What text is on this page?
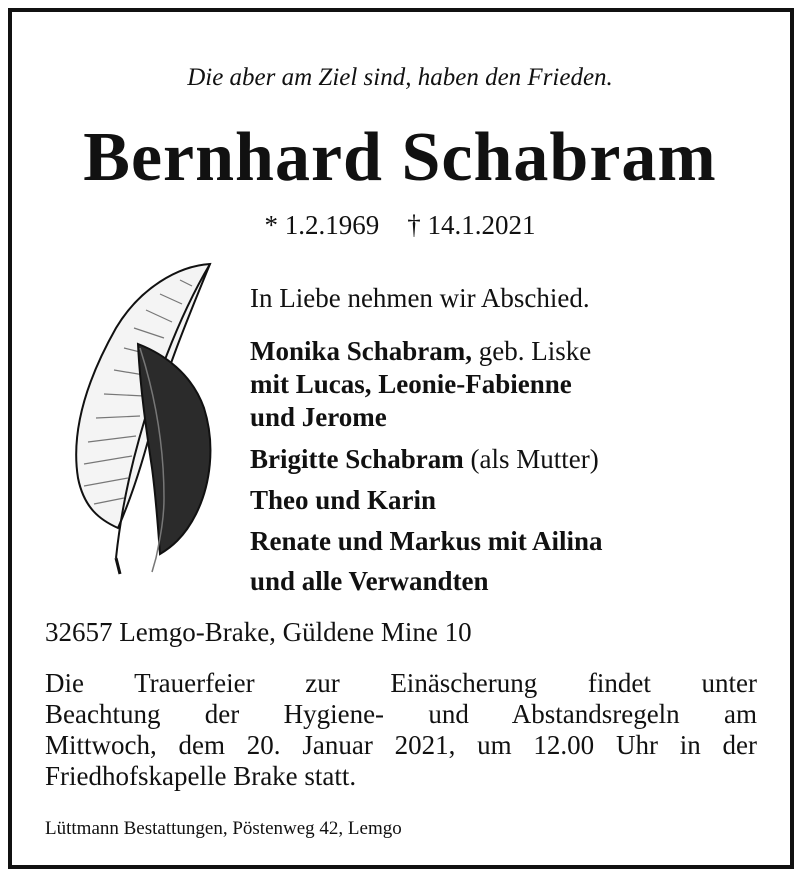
Die aber am Ziel sind, haben den Frieden.
Bernhard Schabram
* 1.2.1969 † 14.1.2021
In Liebe nehmen wir Abschied.
Monika Schabram, geb. Liske
mit Lucas, Leonie-Fabienne
und Jerome
Brigitte Schabram (als Mutter)
Theo und Karin
Renate und Markus mit Ailina
und alle Verwandten
32657 Lemgo-Brake, Güldene Mine 10
Die Trauerfeier zur Einäscherung findet unter
Beachtung der Hygiene- und Abstandsregeln am
Mittwoch, dem 20. Januar 2021, um 12.00 Uhr in der
Friedhofskapelle Brake statt.
Lüttmann Bestattungen, Pöstenweg 42, Lemgo
